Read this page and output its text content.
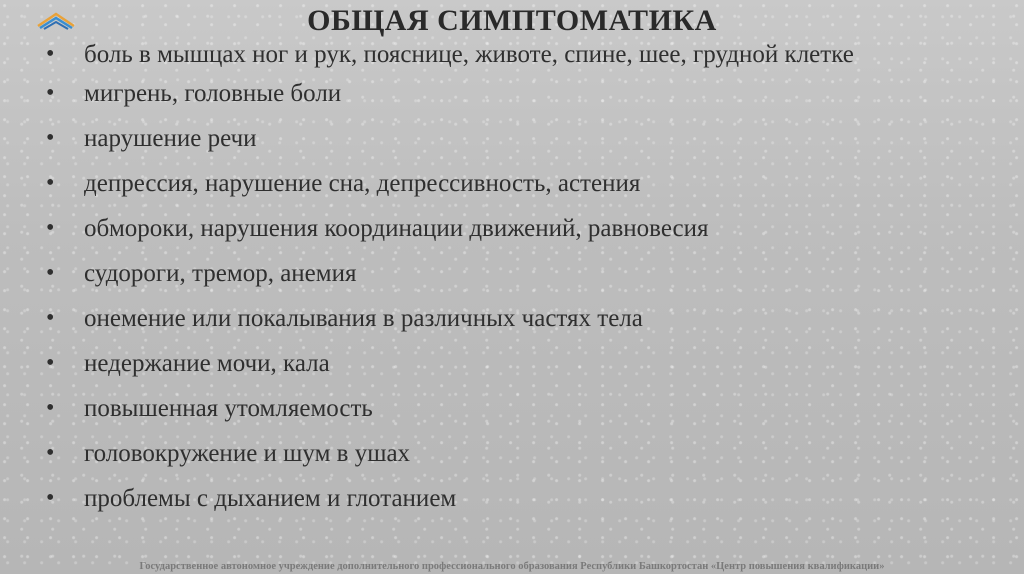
ОБЩАЯ СИМПТОМАТИКА
• боль в мышцах ног и рук, пояснице, животе, спине, шее, грудной клетке
• мигрень, головные боли
• нарушение речи
• депрессия, нарушение сна, депрессивность, астения
• обмороки, нарушения координации движений, равновесия
• судороги, тремор, анемия
• онемение или покалывания в различных частях тела
• недержание мочи, кала
• повышенная утомляемость
• головокружение и шум в ушах
• проблемы с дыханием и глотанием
Государственное автономное учреждение дополнительного профессионального образования Республики Башкортостан «Центр повышения квалификации»
